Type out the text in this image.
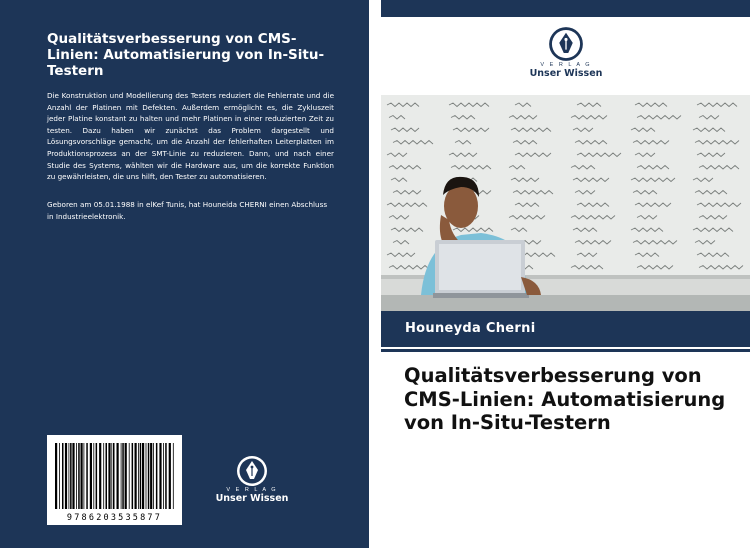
Qualitätsverbesserung von CMS-Linien: Automatisierung von In-Situ-Testern
Die Konstruktion und Modellierung des Testers reduziert die Fehlerrate und die Anzahl der Platinen mit Defekten. Außerdem ermöglicht es, die Zykluszeit jeder Platine konstant zu halten und mehr Platinen in einer reduzierten Zeit zu testen. Dazu haben wir zunächst das Problem dargestellt und Lösungsvorschläge gemacht, um die Anzahl der fehlerhaften Leiterplatten im Produktionsprozess an der SMT-Linie zu reduzieren. Dann, und nach einer Studie des Systems, wählten wir die Hardware aus, um die korrekte Funktion zu gewährleisten, die uns hilft, den Tester zu automatisieren.
Geboren am 05.01.1988 in elKef Tunis, hat Houneida CHERNI einen Abschluss in Industrieelektronik.
9786203535877
V E R L A G
Unser Wissen
V E R L A G
Unser Wissen
Houneyda Cherni
Qualitätsverbesserung von CMS-Linien: Automatisierung von In-Situ-Testern
